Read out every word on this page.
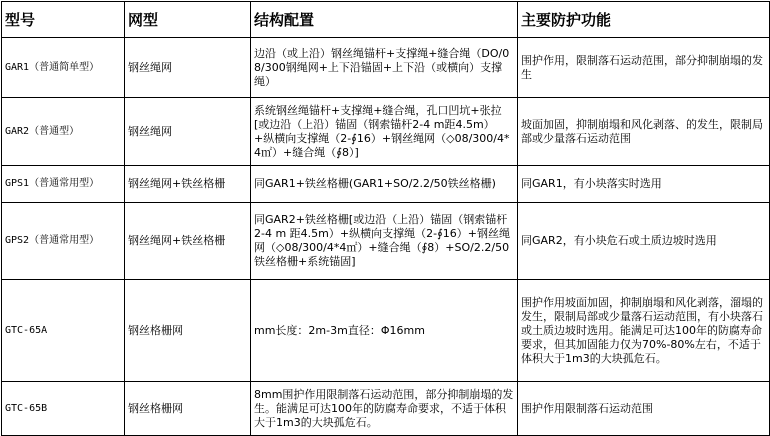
型号	网型	结构配置	主要防护功能
GAR1（普通简单型）	钢丝绳网	边沿（或上沿）钢丝绳锚杆+支撑绳+缝合绳（DO/08/300钢绳网+上下沿锚固+上下沿（或横向）支撑绳）	围护作用，限制落石运动范围，部分抑制崩塌的发生
GAR2（普通型）	钢丝绳网	系统钢丝绳锚杆+支撑绳+缝合绳，孔口凹坑+张拉[或边沿（上沿）锚固（钢索锚杆2-4 m距4.5m）+纵横向支撑绳（2-∮16）+钢丝绳网（◇08/300/4*4㎡）+缝合绳（∮8）]	坡面加固，抑制崩塌和风化剥落、的发生，限制局部或少量落石运动范围
GPS1（普通常用型）	钢丝绳网+铁丝格栅	同GAR1+铁丝格栅(GAR1+SO/2.2/50铁丝格栅)	同GAR1，有小块落实时选用
GPS2（普通常用型）	钢丝绳网+铁丝格栅	同GAR2+铁丝格栅[或边沿（上沿）锚固（钢索锚杆2-4 m 距4.5m）+纵横向支撑绳（2-∮16）+钢丝绳网（◇08/300/4*4㎡）+缝合绳（∮8）+SO/2.2/50铁丝格栅+系统锚固]	同GAR2，有小块危石或土质边坡时选用
GTC-65A	钢丝格栅网	mm长度：2m-3m直径：Φ16mm	围护作用坡面加固，抑制崩塌和风化剥落，溜塌的发生，限制局部或少量落石运动范围，有小块落石或土质边坡时选用。能满足可达100年的防腐寿命要求，但其加固能力仅为70%-80%左右，不适于体积大于1m3的大块孤危石。
GTC-65B	钢丝格栅网	8mm围护作用限制落石运动范围，部分抑制崩塌的发生。能满足可达100年的防腐寿命要求，不适于体积大于1m3的大块孤危石。	围护作用限制落石运动范围
